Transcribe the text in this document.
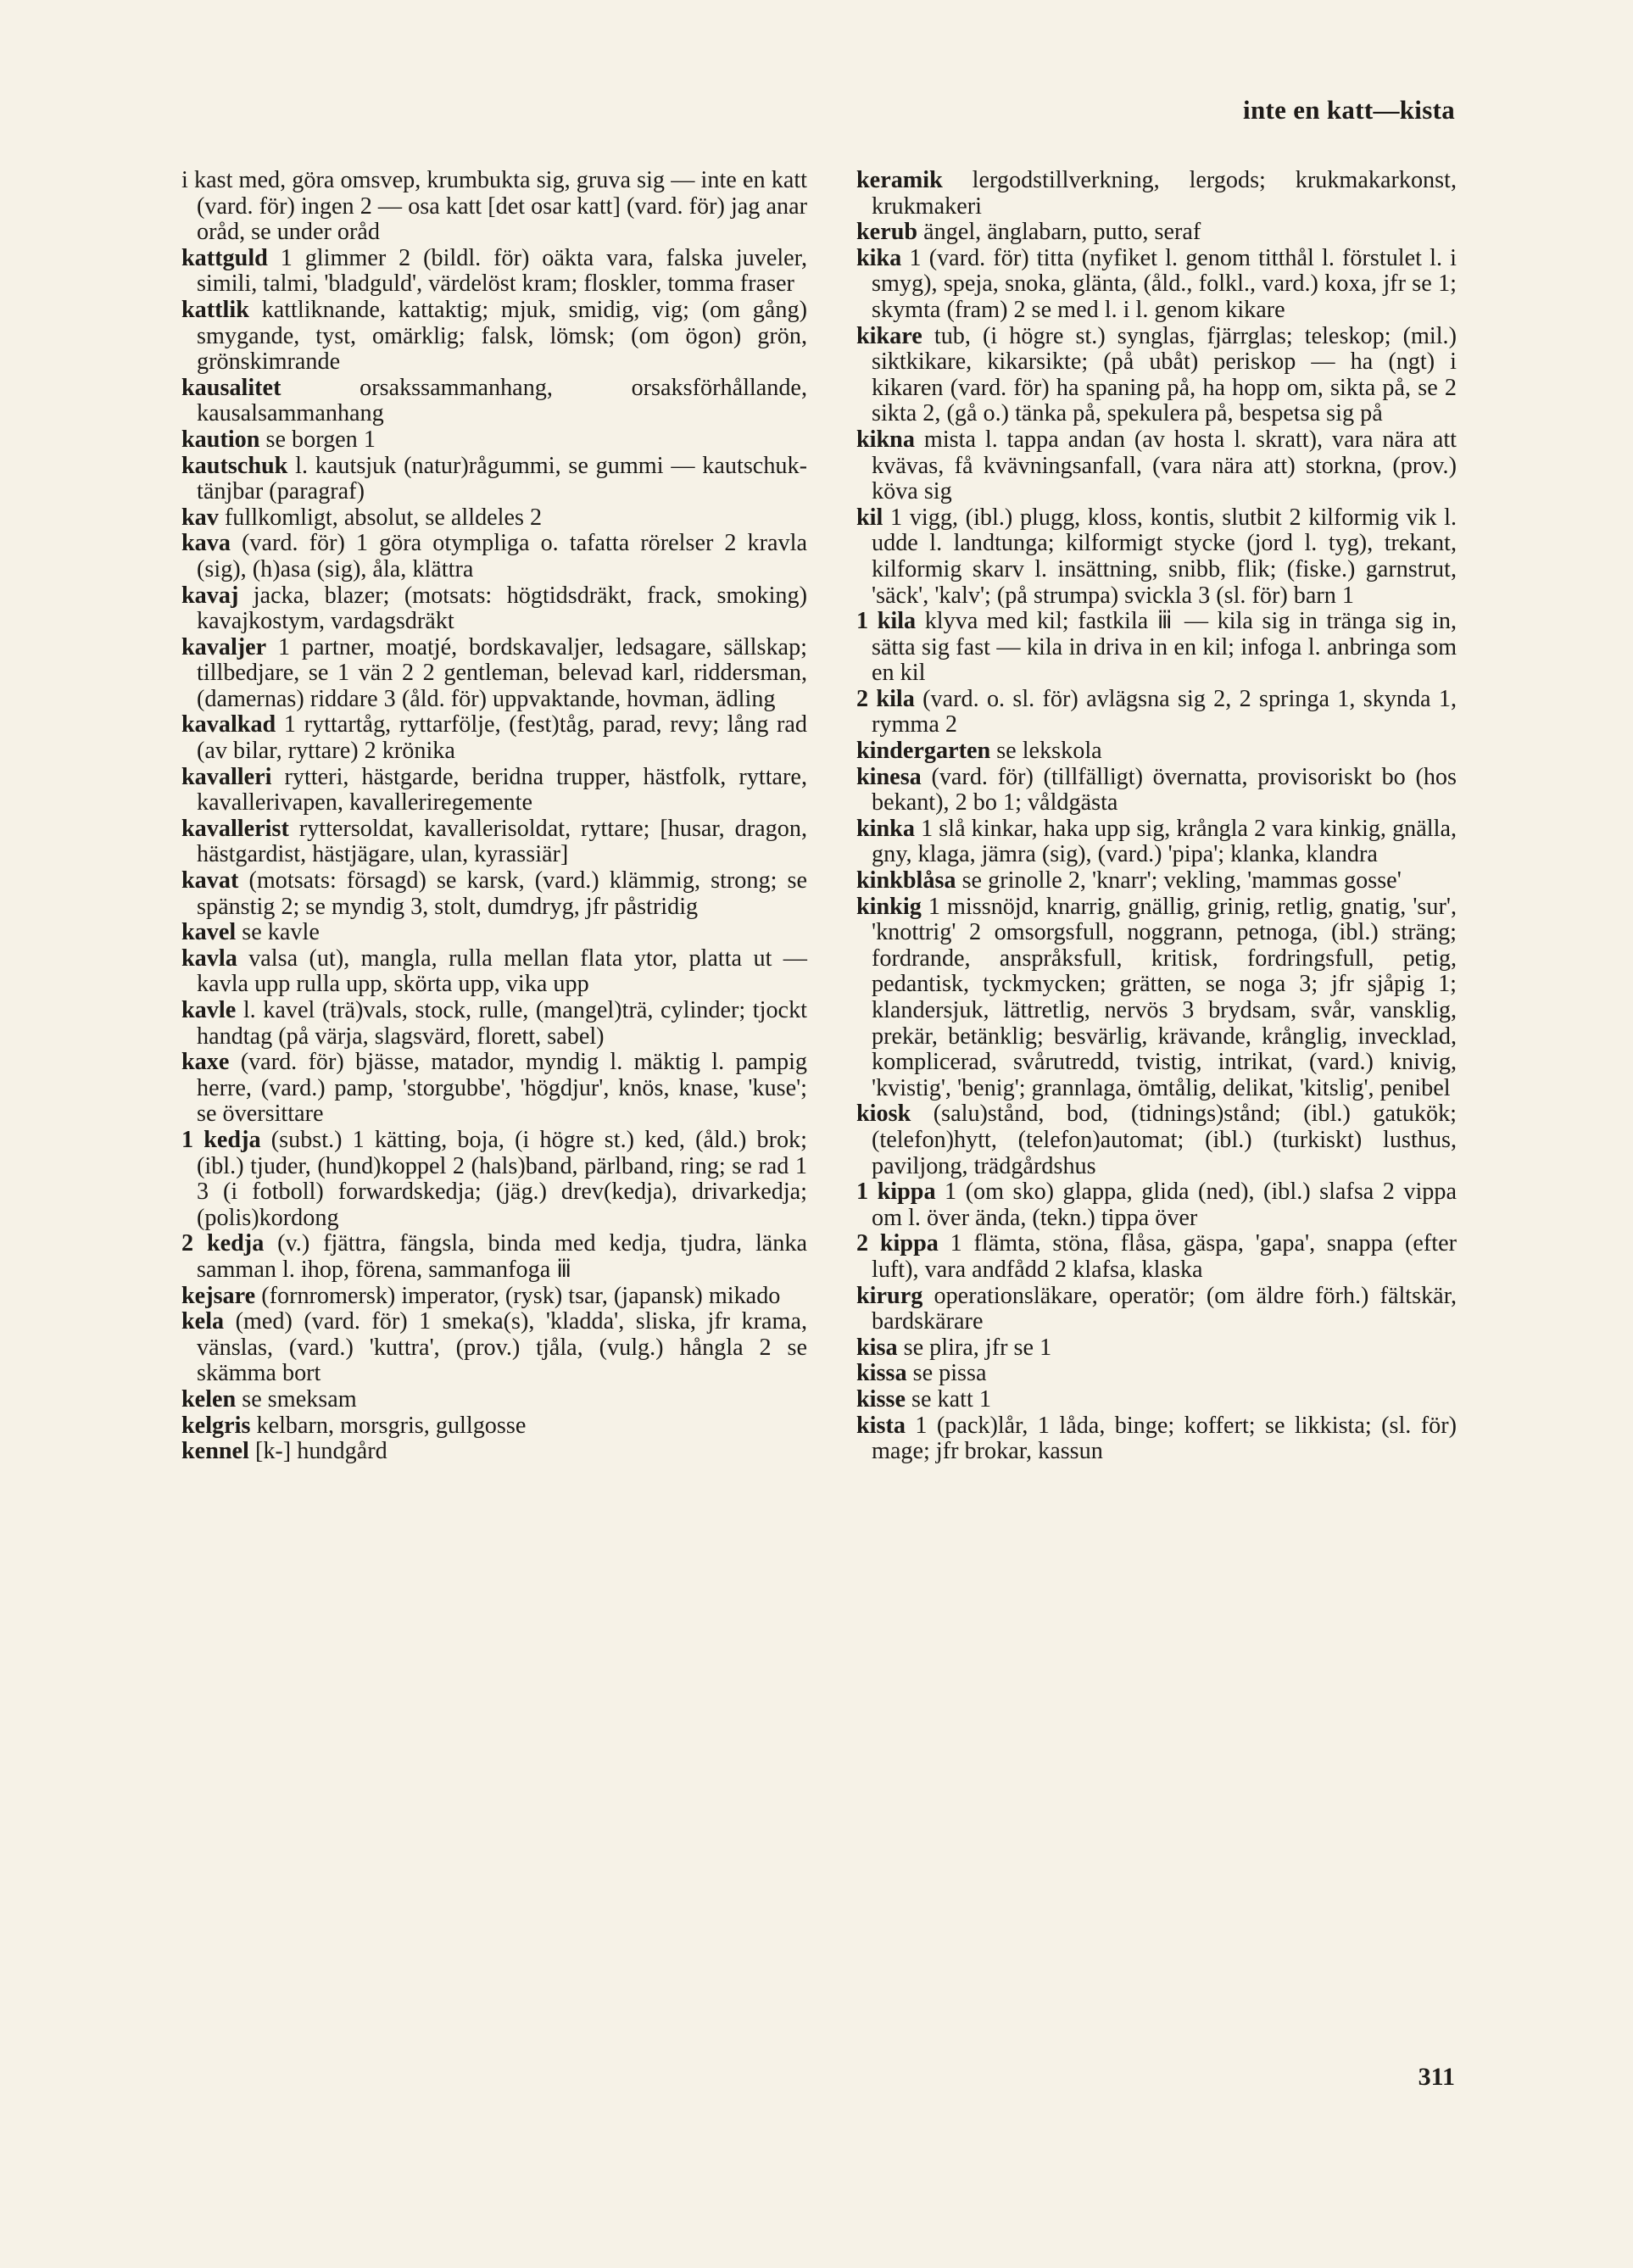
inte en katt—kista
i kast med, göra omsvep, krumbukta sig, gruva sig — inte en katt (vard. för) ingen 2 — osa katt [det osar katt] (vard. för) jag anar oråd, se under oråd
kattguld 1 glimmer 2 (bildl. för) oäkta vara, falska juveler, simili, talmi, 'bladguld', värdelöst kram; floskler, tomma fraser
kattlik kattliknande, kattaktig; mjuk, smidig, vig; (om gång) smygande, tyst, omärklig; falsk, lömsk; (om ögon) grön, grönskimrande
kausalitet orsakssammanhang, orsaksförhållande, kausalsammanhang
kaution se borgen 1
kautschuk l. kautsjuk (natur)rågummi, se gummi — kautschuk- tänjbar (paragraf)
kav fullkomligt, absolut, se alldeles 2
kava (vard. för) 1 göra otympliga o. tafatta rörelser 2 kravla (sig), (h)asa (sig), åla, klättra
kavaj jacka, blazer; (motsats: högtidsdräkt, frack, smoking) kavajkostym, vardagsdräkt
kavaljer 1 partner, moatjé, bordskavaljer, ledsagare, sällskap; tillbedjare, se 1 vän 2 2 gentleman, belevad karl, riddersman, (damernas) riddare 3 (åld. för) uppvaktande, hovman, ädling
kavalkad 1 ryttartåg, ryttarfölje, (fest)tåg, parad, revy; lång rad (av bilar, ryttare) 2 krönika
kavalleri rytteri, hästgarde, beridna trupper, hästfolk, ryttare, kavallerivapen, kavalleriregemente
kavallerist ryttersoldat, kavallerisoldat, ryttare; [husar, dragon, hästgardist, hästjägare, ulan, kyrassiär]
kavat (motsats: försagd) se karsk, (vard.) klämmig, strong; se spänstig 2; se myndig 3, stolt, dumdryg, jfr påstridig
kavel se kavle
kavla valsa (ut), mangla, rulla mellan flata ytor, platta ut — kavla upp rulla upp, skörta upp, vika upp
kavle l. kavel (trä)vals, stock, rulle, (mangel)trä, cylinder; tjockt handtag (på värja, slagsvärd, florett, sabel)
kaxe (vard. för) bjässe, matador, myndig l. mäktig l. pampig herre, (vard.) pamp, 'storgubbe', 'högdjur', knös, knase, 'kuse'; se översittare
1 kedja (subst.) 1 kätting, boja, (i högre st.) ked, (åld.) brok; (ibl.) tjuder, (hund)koppel 2 (hals)band, pärlband, ring; se rad 1 3 (i fotboll) forwardskedja; (jäg.) drev(kedja), drivarkedja; (polis)kordong
2 kedja (v.) fjättra, fängsla, binda med kedja, tjudra, länka samman l. ihop, förena, sammanfoga ⅲ
kejsare (fornromersk) imperator, (rysk) tsar, (japansk) mikado
kela (med) (vard. för) 1 smeka(s), 'kladda', sliska, jfr krama, vänslas, (vard.) 'kuttra', (prov.) tjåla, (vulg.) hångla 2 se skämma bort
kelen se smeksam
kelgris kelbarn, morsgris, gullgosse
kennel [k-] hundgård
keramik lergodstillverkning, lergods; krukmakarkonst, krukmakeri
kerub ängel, änglabarn, putto, seraf
kika 1 (vard. för) titta (nyfiket l. genom titthål l. förstulet l. i smyg), speja, snoka, glänta, (åld., folkl., vard.) koxa, jfr se 1; skymta (fram) 2 se med l. i l. genom kikare
kikare tub, (i högre st.) synglas, fjärrglas; teleskop; (mil.) siktkikare, kikarsikte; (på ubåt) periskop — ha (ngt) i kikaren (vard. för) ha spaning på, ha hopp om, sikta på, se 2 sikta 2, (gå o.) tänka på, spekulera på, bespetsa sig på
kikna mista l. tappa andan (av hosta l. skratt), vara nära att kvävas, få kvävningsanfall, (vara nära att) storkna, (prov.) köva sig
kil 1 vigg, (ibl.) plugg, kloss, kontis, slutbit 2 kilformig vik l. udde l. landtunga; kilformigt stycke (jord l. tyg), trekant, kilformig skarv l. insättning, snibb, flik; (fiske.) garnstrut, 'säck', 'kalv'; (på strumpa) svickla 3 (sl. för) barn 1
1 kila klyva med kil; fastkila ⅲ — kila sig in tränga sig in, sätta sig fast — kila in driva in en kil; infoga l. anbringa som en kil
2 kila (vard. o. sl. för) avlägsna sig 2, 2 springa 1, skynda 1, rymma 2
kindergarten se lekskola
kinesa (vard. för) (tillfälligt) övernatta, provisoriskt bo (hos bekant), 2 bo 1; våldgästa
kinka 1 slå kinkar, haka upp sig, krångla 2 vara kinkig, gnälla, gny, klaga, jämra (sig), (vard.) 'pipa'; klanka, klandra
kinkblåsa se grinolle 2, 'knarr'; vekling, 'mammas gosse'
kinkig 1 missnöjd, knarrig, gnällig, grinig, retlig, gnatig, 'sur', 'knottrig' 2 omsorgsfull, noggrann, petnoga, (ibl.) sträng; fordrande, anspråksfull, kritisk, fordringsfull, petig, pedantisk, tyckmycken; grätten, se noga 3; jfr sjåpig 1; klandersjuk, lättretlig, nervös 3 brydsam, svår, vansklig, prekär, betänklig; besvärlig, krävande, krånglig, invecklad, komplicerad, svårutredd, tvistig, intrikat, (vard.) knivig, 'kvistig', 'benig'; grannlaga, ömtålig, delikat, 'kitslig', penibel
kiosk (salu)stånd, bod, (tidnings)stånd; (ibl.) gatukök; (telefon)hytt, (telefon)automat; (ibl.) (turkiskt) lusthus, paviljong, trädgårdshus
1 kippa 1 (om sko) glappa, glida (ned), (ibl.) slafsa 2 vippa om l. över ända, (tekn.) tippa över
2 kippa 1 flämta, stöna, flåsa, gäspa, 'gapa', snappa (efter luft), vara andfådd 2 klafsa, klaska
kirurg operationsläkare, operatör; (om äldre förh.) fältskär, bardskärare
kisa se plira, jfr se 1
kissa se pissa
kisse se katt 1
kista 1 (pack)lår, 1 låda, binge; koffert; se likkista; (sl. för) mage; jfr brokar, kassun
311
